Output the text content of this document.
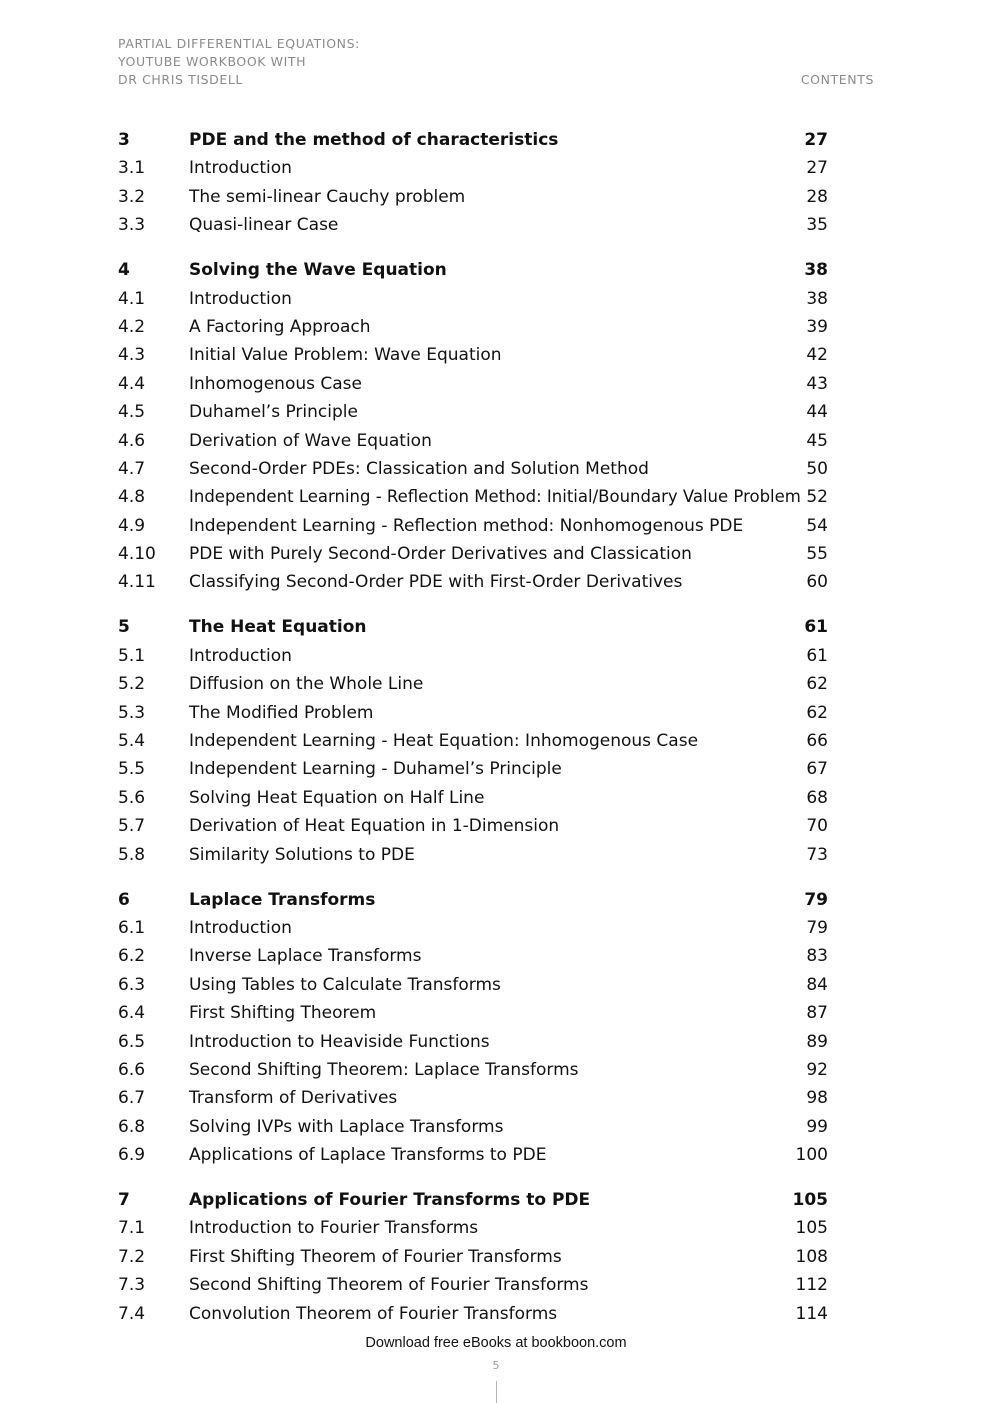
PARTIAL DIFFERENTIAL EQUATIONS:
YOUTUBE WORKBOOK WITH
DR CHRIS TISDELL	CONTENTS
3	PDE and the method of characteristics	27
3.1	Introduction	27
3.2	The semi-linear Cauchy problem	28
3.3	Quasi-linear Case	35
4	Solving the Wave Equation	38
4.1	Introduction	38
4.2	A Factoring Approach	39
4.3	Initial Value Problem: Wave Equation	42
4.4	Inhomogenous Case	43
4.5	Duhamel’s Principle	44
4.6	Derivation of Wave Equation	45
4.7	Second-Order PDEs: Classication and Solution Method	50
4.8	Independent Learning - Reflection Method: Initial/Boundary Value Problem 52
4.9	Independent Learning - Reflection method: Nonhomogenous PDE	54
4.10 PDE with Purely Second-Order Derivatives and Classication	55
4.11 Classifying Second-Order PDE with First-Order Derivatives	60
5	The Heat Equation	61
5.1	Introduction	61
5.2	Diffusion on the Whole Line	62
5.3	The Modified Problem	62
5.4	Independent Learning - Heat Equation: Inhomogenous Case	66
5.5	Independent Learning - Duhamel’s Principle	67
5.6	Solving Heat Equation on Half Line	68
5.7	Derivation of Heat Equation in 1-Dimension	70
5.8	Similarity Solutions to PDE	73
6	Laplace Transforms	79
6.1	Introduction	79
6.2	Inverse Laplace Transforms	83
6.3	Using Tables to Calculate Transforms	84
6.4	First Shifting Theorem	87
6.5	Introduction to Heaviside Functions	89
6.6	Second Shifting Theorem: Laplace Transforms	92
6.7	Transform of Derivatives	98
6.8	Solving IVPs with Laplace Transforms	99
6.9	Applications of Laplace Transforms to PDE	100
7	Applications of Fourier Transforms to PDE	105
7.1	Introduction to Fourier Transforms	105
7.2	First Shifting Theorem of Fourier Transforms	108
7.3	Second Shifting Theorem of Fourier Transforms	112
7.4	Convolution Theorem of Fourier Transforms	114
Download free eBooks at bookboon.com
5
